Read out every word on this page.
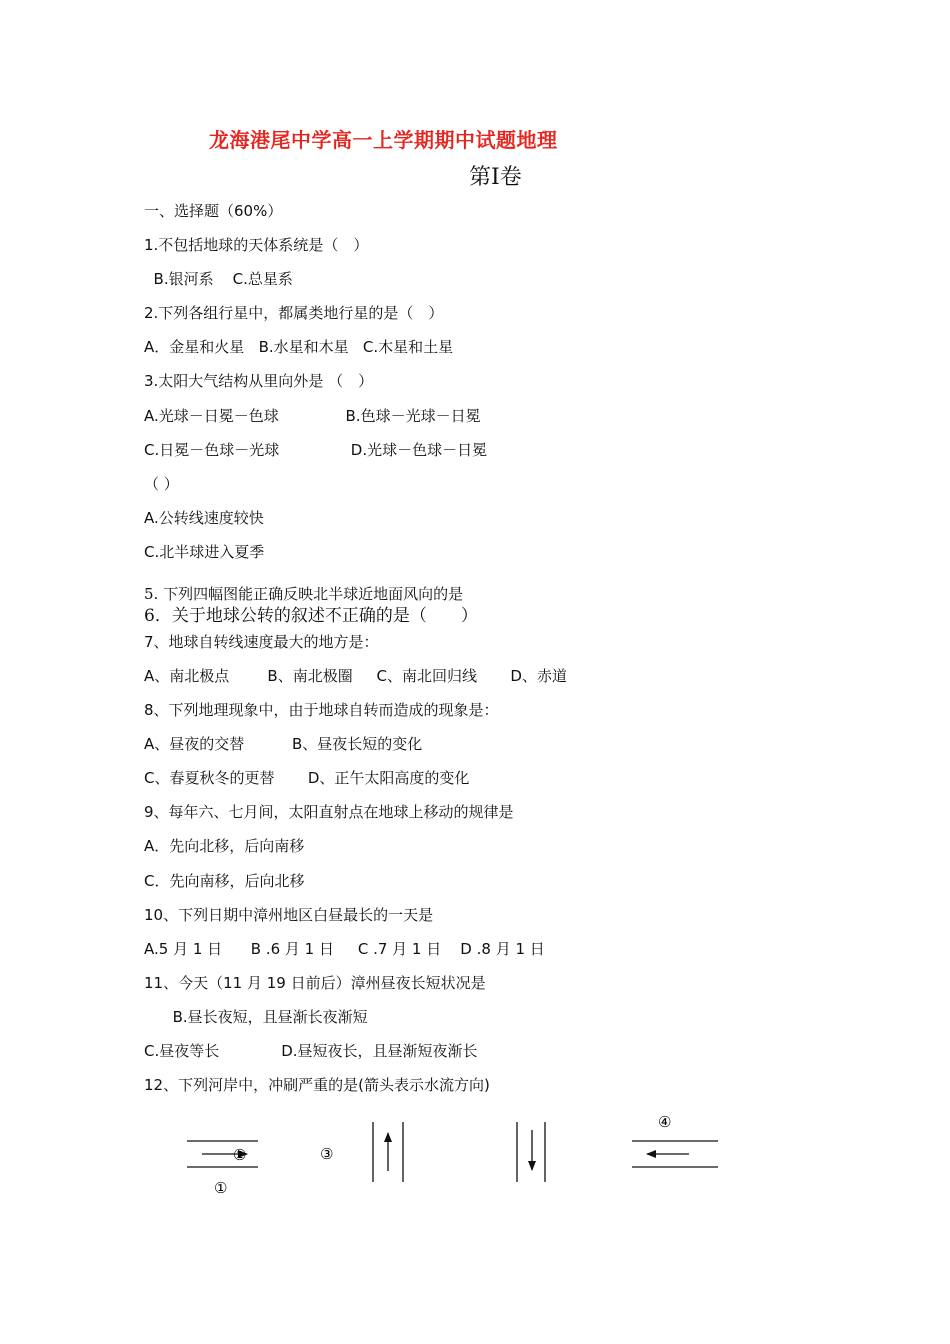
龙海港尾中学高一上学期期中试题地理
第Ⅰ卷
一、选择题（60%）
1.不包括地球的天体系统是（　）
B.银河系    C.总星系
2.下列各组行星中，都属类地行星的是（　）
A．金星和火星   B.水星和木星   C.木星和土星
3.太阳大气结构从里向外是 （　）
A.光球－日冕－色球              B.色球－光球－日冕
C.日冕－色球－光球               D.光球－色球－日冕
（ ）
A.公转线速度较快
C.北半球进入夏季
5. 下列四幅图能正确反映北半球近地面风向的是
6．关于地球公转的叙述不正确的是（　　）
7、地球自转线速度最大的地方是：
A、南北极点        B、南北极圈     C、南北回归线       D、赤道
8、下列地理现象中，由于地球自转而造成的现象是：
A、昼夜的交替          B、昼夜长短的变化
C、春夏秋冬的更替       D、正午太阳高度的变化
9、每年六、七月间，太阳直射点在地球上移动的规律是
A．先向北移，后向南移
C．先向南移，后向北移
10、下列日期中漳州地区白昼最长的一天是
A.5 月 1 日      B .6 月 1 日     C .7 月 1 日    D .8 月 1 日
11、今天（11 月 19 日前后）漳州昼夜长短状况是
B.昼长夜短，且昼渐长夜渐短
C.昼夜等长             D.昼短夜长，且昼渐短夜渐长
12、下列河岸中，冲刷严重的是(箭头表示水流方向)
②
①
③
④
